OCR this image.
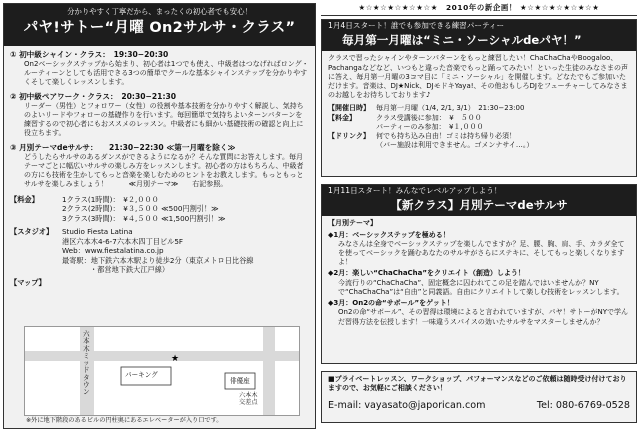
分かりやすく丁寧だから、まったくの初心者でも安心！
パヤ!サトー“月曜 On2サルサ・クラス”
① 初中級シャイン・クラス：　19:30−20:30
On2ベーシックステップから始まり、初心者は1つでも使え、中級者はつなげればロング・ルーティーンとしても活用できる3つの簡単でクールな基本シャインステップを分かりやすくそして楽しくレッスンします。
② 初中級ペアワーク・クラス：　20:30−21:30
リーダー（男性）とフォロワー（女性）の役割や基本技術を分かりやすく解説し、気持ちのよいリードやフォローの基礎作りを行います。毎回簡単で気持ちよいターンパターンを練習するので初心者にもおススメのレッスン。中級者にも細かい基礎技術の確認と向上に役立ちます。
③ 月別テーマdeサルサ：　　21:30−22:30 ≪第一月曜を除く≫
どうしたらサルサのあるダンスができるようになるか？そんな質問にお答えします。毎月テーマごとに幅広いサルサの楽しみ方をレッスンします。初心者の方はもちろん、中級者の方にも技術を生かしてもっと音楽を楽しむためのヒントをお教えします。もっともっとサルサを楽しみましょう！　　　≪月別テーマ≫　　右記参照。
【料金】	1クラス(1時間)：　¥２,０００
2クラス(2時間)：　¥３,５００ ≪500円割引！≫
3クラス(3時間)：　¥４,５００ ≪1,500円割引！≫
【スタジオ】 Studio Fiesta Latina
港区六本木4-6-7六本木四丁目ビル5F
Web：www.fiestalatina.co.jp
最寄駅：地下鉄六本木駅より徒歩2分（東京メトロ日比谷線
・都営地下鉄大江戸線）
【マップ】
★
六本木ミッドタウン
パーキング
俳優座
六本木交差点
※外に地下階段のあるビルの円柱奥にあるエレベーターが入り口です。
★☆★☆★☆★☆★☆★　2010年の新企画！ ★☆★☆★☆★☆★☆★
1月4日スタート！誰でも参加できる練習パーティー
毎月第一月曜は“ミニ・ソーシャルdeパヤ！”
クラスで習ったシャインやターンパターンをもっと練習したい！ChaChaChaやBoogaloo、Pachangaなどなど、いつもと違った音楽でもっと踊ってみたい！といった生徒のみなさまの声に答え、毎月第一月曜の3コマ目に「ミニ・ソーシャル」を開催します。どなたでもご参加いただけます。音楽は、DJ★Nick、DJモドキYaya!、その他おもしろDJをフューチャーしてみなさまのお越しをお待ちしております♪
【開催日時】 毎月第一月曜（1/4, 2/1, 3/1）　21:30−23:00
【料金】	クラス受講後に参加：　¥　５００
パーティーのみ参加：　¥１,０００
【ドリンク】 何でも持ち込み自由！ゴミは持ち帰り必須！
（バー施設は利用できません。ゴメンナサイ…。）
1月11日スタート！みんなでレベルアップしよう！
【新クラス】月別テーマdeサルサ
【月別テーマ】
◆1月：ベーシックステップを極める！
みなさんは全身でベーシックステップを楽しんでますか？足、腰、胸、肩、手、カラダ全てを使ってベーシックを踊むあなたのサルサがさらにステキに、そしてもっと楽しくなりますよ！
◆2月：楽しい“ChaChaCha”をクリエイト（創造）しよう！
今流行りの“ChaChaCha”、固定概念に囚われてこの足を踏んではいませんか？NYで“ChaChaCha”は“自由”と同義語。自由にクリエイトして楽しむ技術をレッスンします。
◆3月：On2の命“サボール”をゲット！
On2の命“サボール”、その習得は環境によると言われていますが、パヤ！サトーがNYで学んだ習得方法を伝授します！一味違うスパイスの効いたサルサをマスターしませんか？
■プライベートレッスン、ワークショップ、パフォーマンスなどのご依頼は随時受け付けておりますので、お気軽にご相談ください！
E-mail: vayasato@japorican.com	Tel: 080-6769-0528
